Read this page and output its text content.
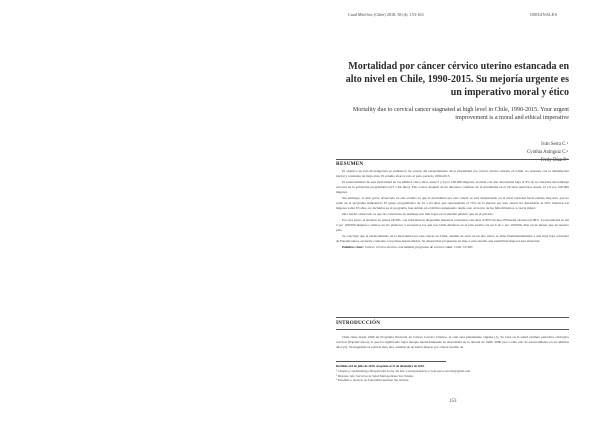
Cuad Méd Soc (Chile) 2018, 58 (4): 153-163	ORIGINALES
Mortalidad por cáncer cérvico uterino estancada en alto nivel en Chile, 1990-2015. Su mejoría urgente es un imperativo moral y ético
Mortality due to cervical cancer stagnated at high level in Chile, 1990-2015. Your urgent improvement is a moral and ethical imperative
Iván Serra C.¹
Cynthia Aránguiz C.²
Fredy Díaz P.³
RESUMEN

El objetivo de esta investigación es establecer las causas del estancamiento de la mortalidad por cáncer cérvico uterino en Chile, no obstante con la disminución inicial y constante de larga data. El estudio abarca todo el país, período 1990-2015.

El estancamiento de esta mortalidad en los últimos cinco años, entre 5 y 6 por 100.000 mujeres, se mide con una descensión bajo el 9% de la cobertura del tamizaje cervical en la población programática (25 a 64 años). Ello ocurre después de un descenso continuo de la mortalidad en el 20 años anteriores desde 12 a 6 por 100.000 mujeres.

Sin embargo, lo más grave observado en este estudio es que la mortalidad por este cáncer se está desplazando en el nivel nacional hacia edades mayores, que no están en el programa ministerial. El grupo programático de 25 a 64 años que representaba el 75% de la muerte por este cáncer ha descendido al 50% mientras las mujeres sobre 65 años, no incluidas en el programa, han subido en el último quinquenio desde solo un tercio de las fallecimientos a casi la mitad.

Otro hecho observado es que las coberturas de tamizaje son más bajas en el sistema público que en el privado.

Por otra parte, al analizar de países OCDE, con información disponible muestras coberturas cercanas al 80% incluso Finlandia alcanza un 98%. La mortalidad es del 2 por 100.000 mujeres o menos en los primeros 5 escenarios los que son Chile mientras en el país estaba con un 6 de 1 por 100.000, más veces menor que en nuestro país.

Se concluye que el estancamiento de la mortalidad por este cáncer en Chile, además de estar en un alto nivel, se debe fundamentalmente a una muy baja cobertura de Papanicolaou, en fuerte contraste con países desarrollados. Se desarrollan propuestas en base a este estudio que permitirán mejorar esta situación.

Palabras clave: Cáncer cérvico uterino, mortalidad, programa de control, edad, Chile, OCDE.

INTRODUCCIÓN

Chile tiene desde 1966 un Programa Nacional de Cáncer Cérvico Uterino, el cual está plenamente vigente (1). Se basa en la salud examen periódico citológico cervical (Papanicolaou), lo que ha significado bajar aunque moderadamente su mortalidad en la década de 1990. 2000 pero como ello da estancamiento en los últimos años (2). Su magnitud es todavía muy alta, además de no haber muerto por cáncer uterino de

Recibido el 8 de julio de 2018. Aceptado el 13 de diciembre de 2018.
¹ Cirujano y epidemiólogo, Hospital Del Sector del Rio. Correspondencia a: ivan.serra.concalvi@gmail.com
² Matrona, Jefe, Servicios de Salud Metropolitano Sur Oriente.
³ Estadístico, Servicio de Salud Metropolitano Sur Oriente.
153
